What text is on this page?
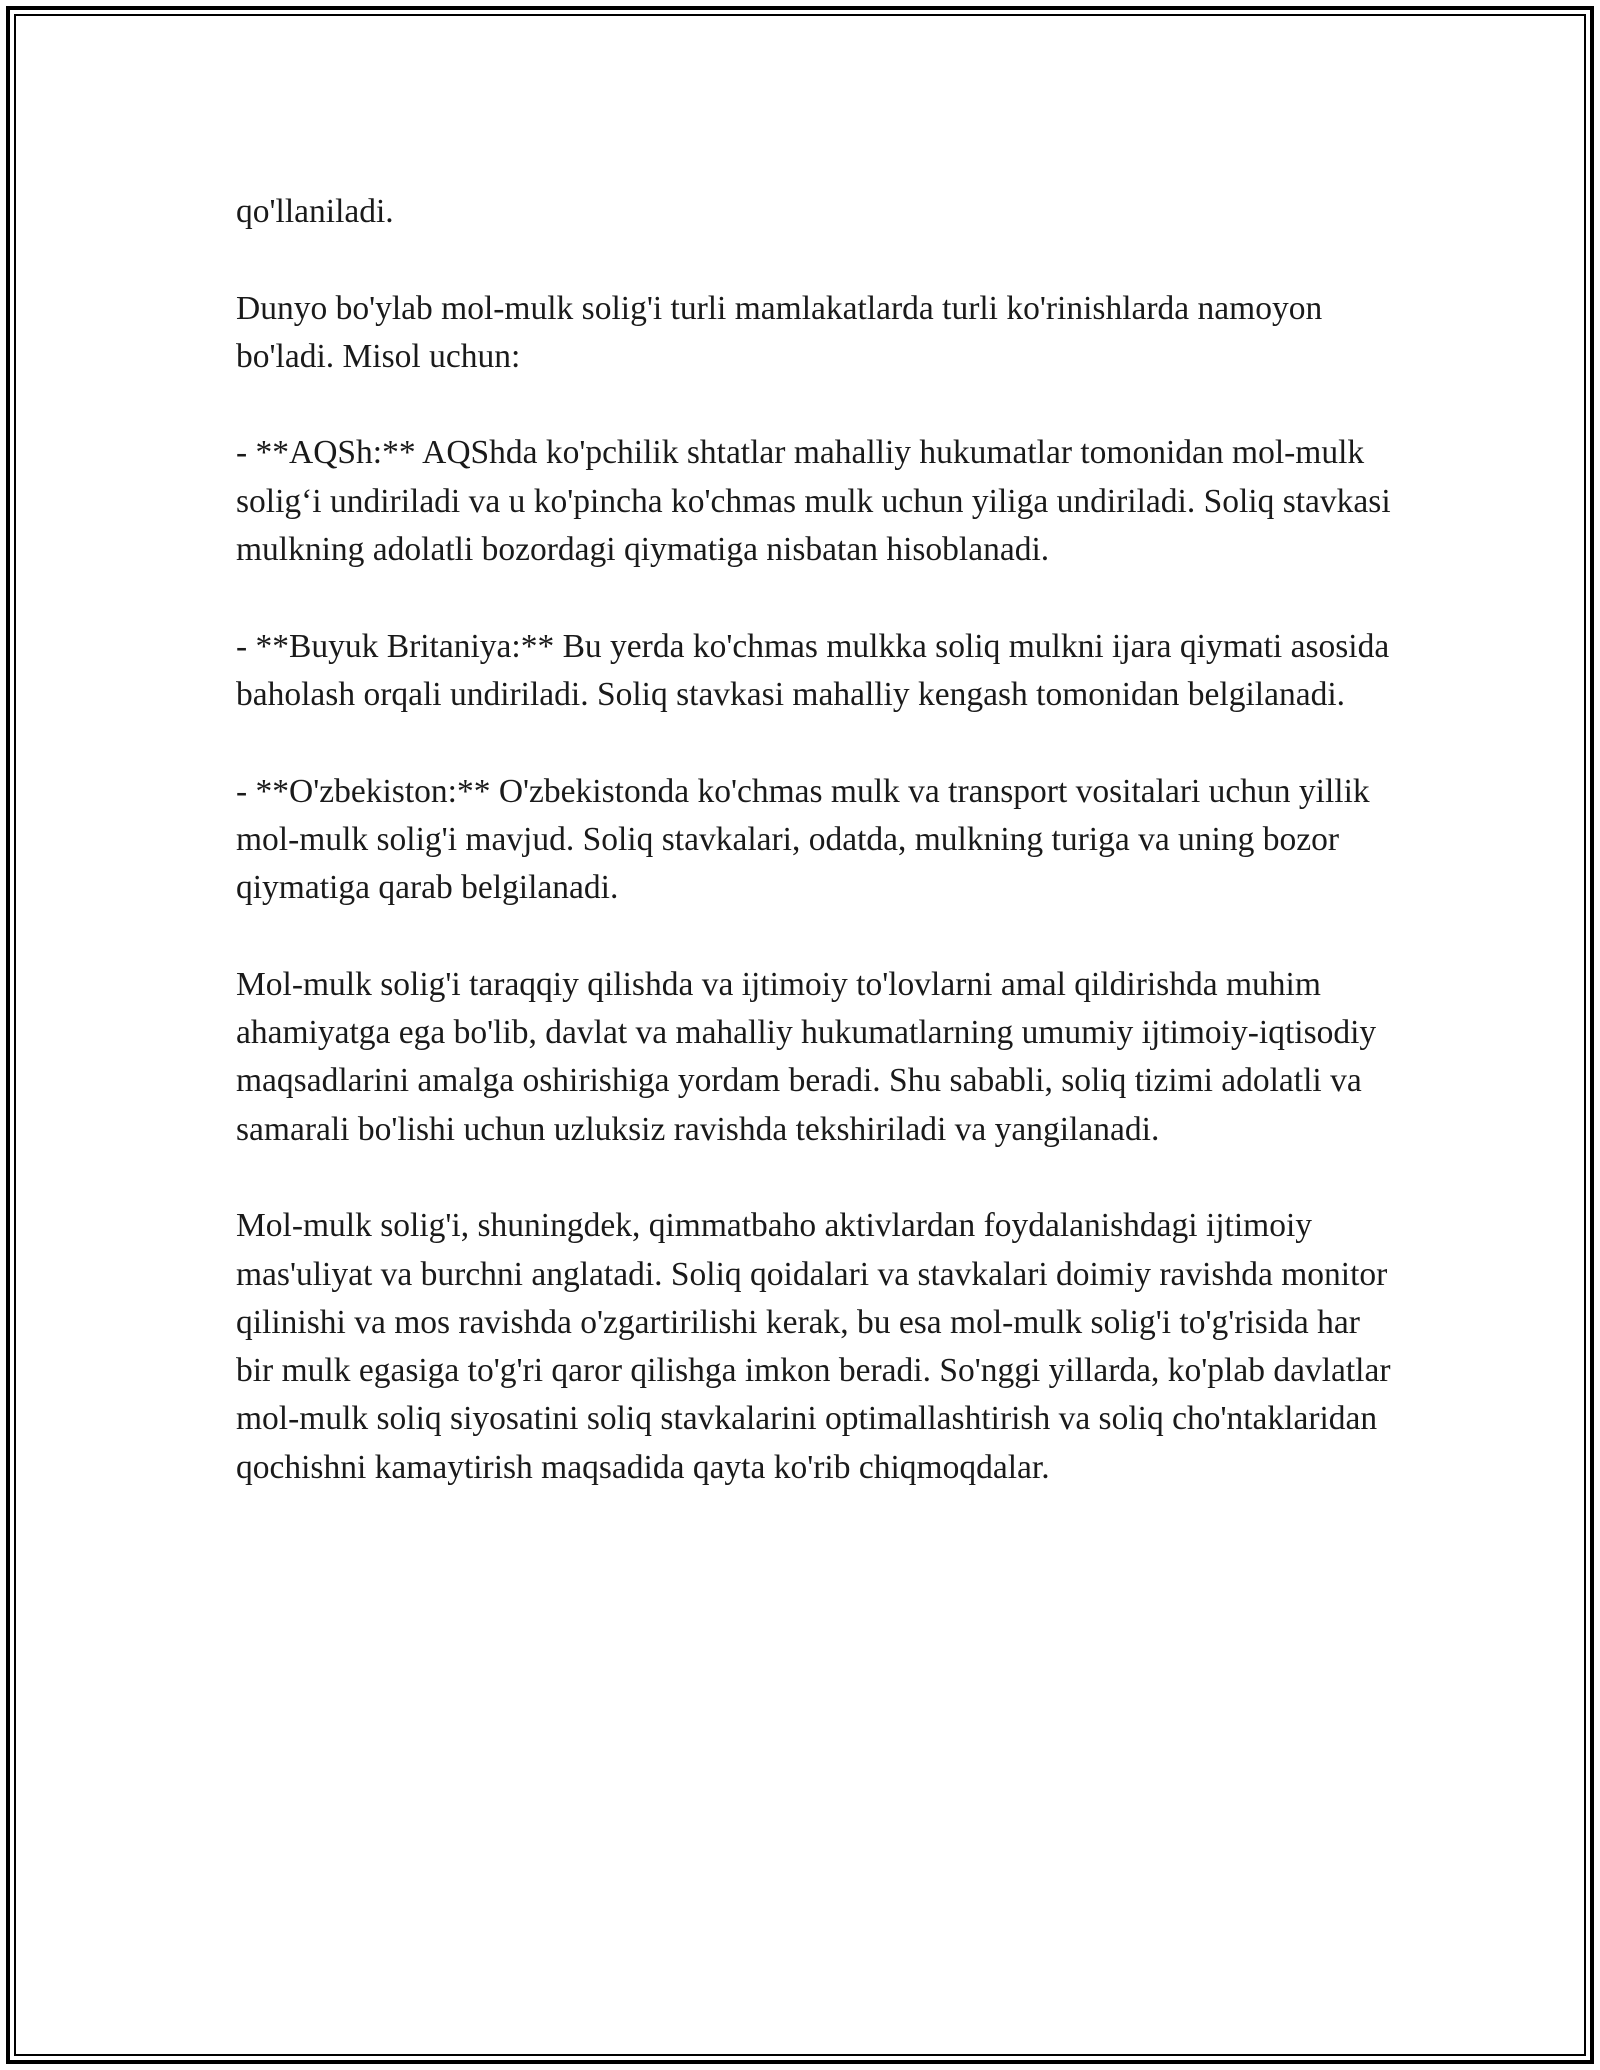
qo'llaniladi.

Dunyo bo'ylab mol-mulk solig'i turli mamlakatlarda turli ko'rinishlarda namoyon bo'ladi. Misol uchun:

- **AQSh:** AQShda ko'pchilik shtatlar mahalliy hukumatlar tomonidan mol-mulk solig‘i undiriladi va u ko'pincha ko'chmas mulk uchun yiliga undiriladi. Soliq stavkasi mulkning adolatli bozordagi qiymatiga nisbatan hisoblanadi.

- **Buyuk Britaniya:** Bu yerda ko'chmas mulkka soliq mulkni ijara qiymati asosida baholash orqali undiriladi. Soliq stavkasi mahalliy kengash tomonidan belgilanadi.

- **O'zbekiston:** O'zbekistonda ko'chmas mulk va transport vositalari uchun yillik mol-mulk solig'i mavjud. Soliq stavkalari, odatda, mulkning turiga va uning bozor qiymatiga qarab belgilanadi.

Mol-mulk solig'i taraqqiy qilishda va ijtimoiy to'lovlarni amal qildirishda muhim ahamiyatga ega bo'lib, davlat va mahalliy hukumatlarning umumiy ijtimoiy-iqtisodiy maqsadlarini amalga oshirishiga yordam beradi. Shu sababli, soliq tizimi adolatli va samarali bo'lishi uchun uzluksiz ravishda tekshiriladi va yangilanadi.

Mol-mulk solig'i, shuningdek, qimmatbaho aktivlardan foydalanishdagi ijtimoiy mas'uliyat va burchni anglatadi. Soliq qoidalari va stavkalari doimiy ravishda monitor qilinishi va mos ravishda o'zgartirilishi kerak, bu esa mol-mulk solig'i to'g'risida har bir mulk egasiga to'g'ri qaror qilishga imkon beradi. So'nggi yillarda, ko'plab davlatlar mol-mulk soliq siyosatini soliq stavkalarini optimallashtirish va soliq cho'ntaklaridan qochishni kamaytirish maqsadida qayta ko'rib chiqmoqdalar.
